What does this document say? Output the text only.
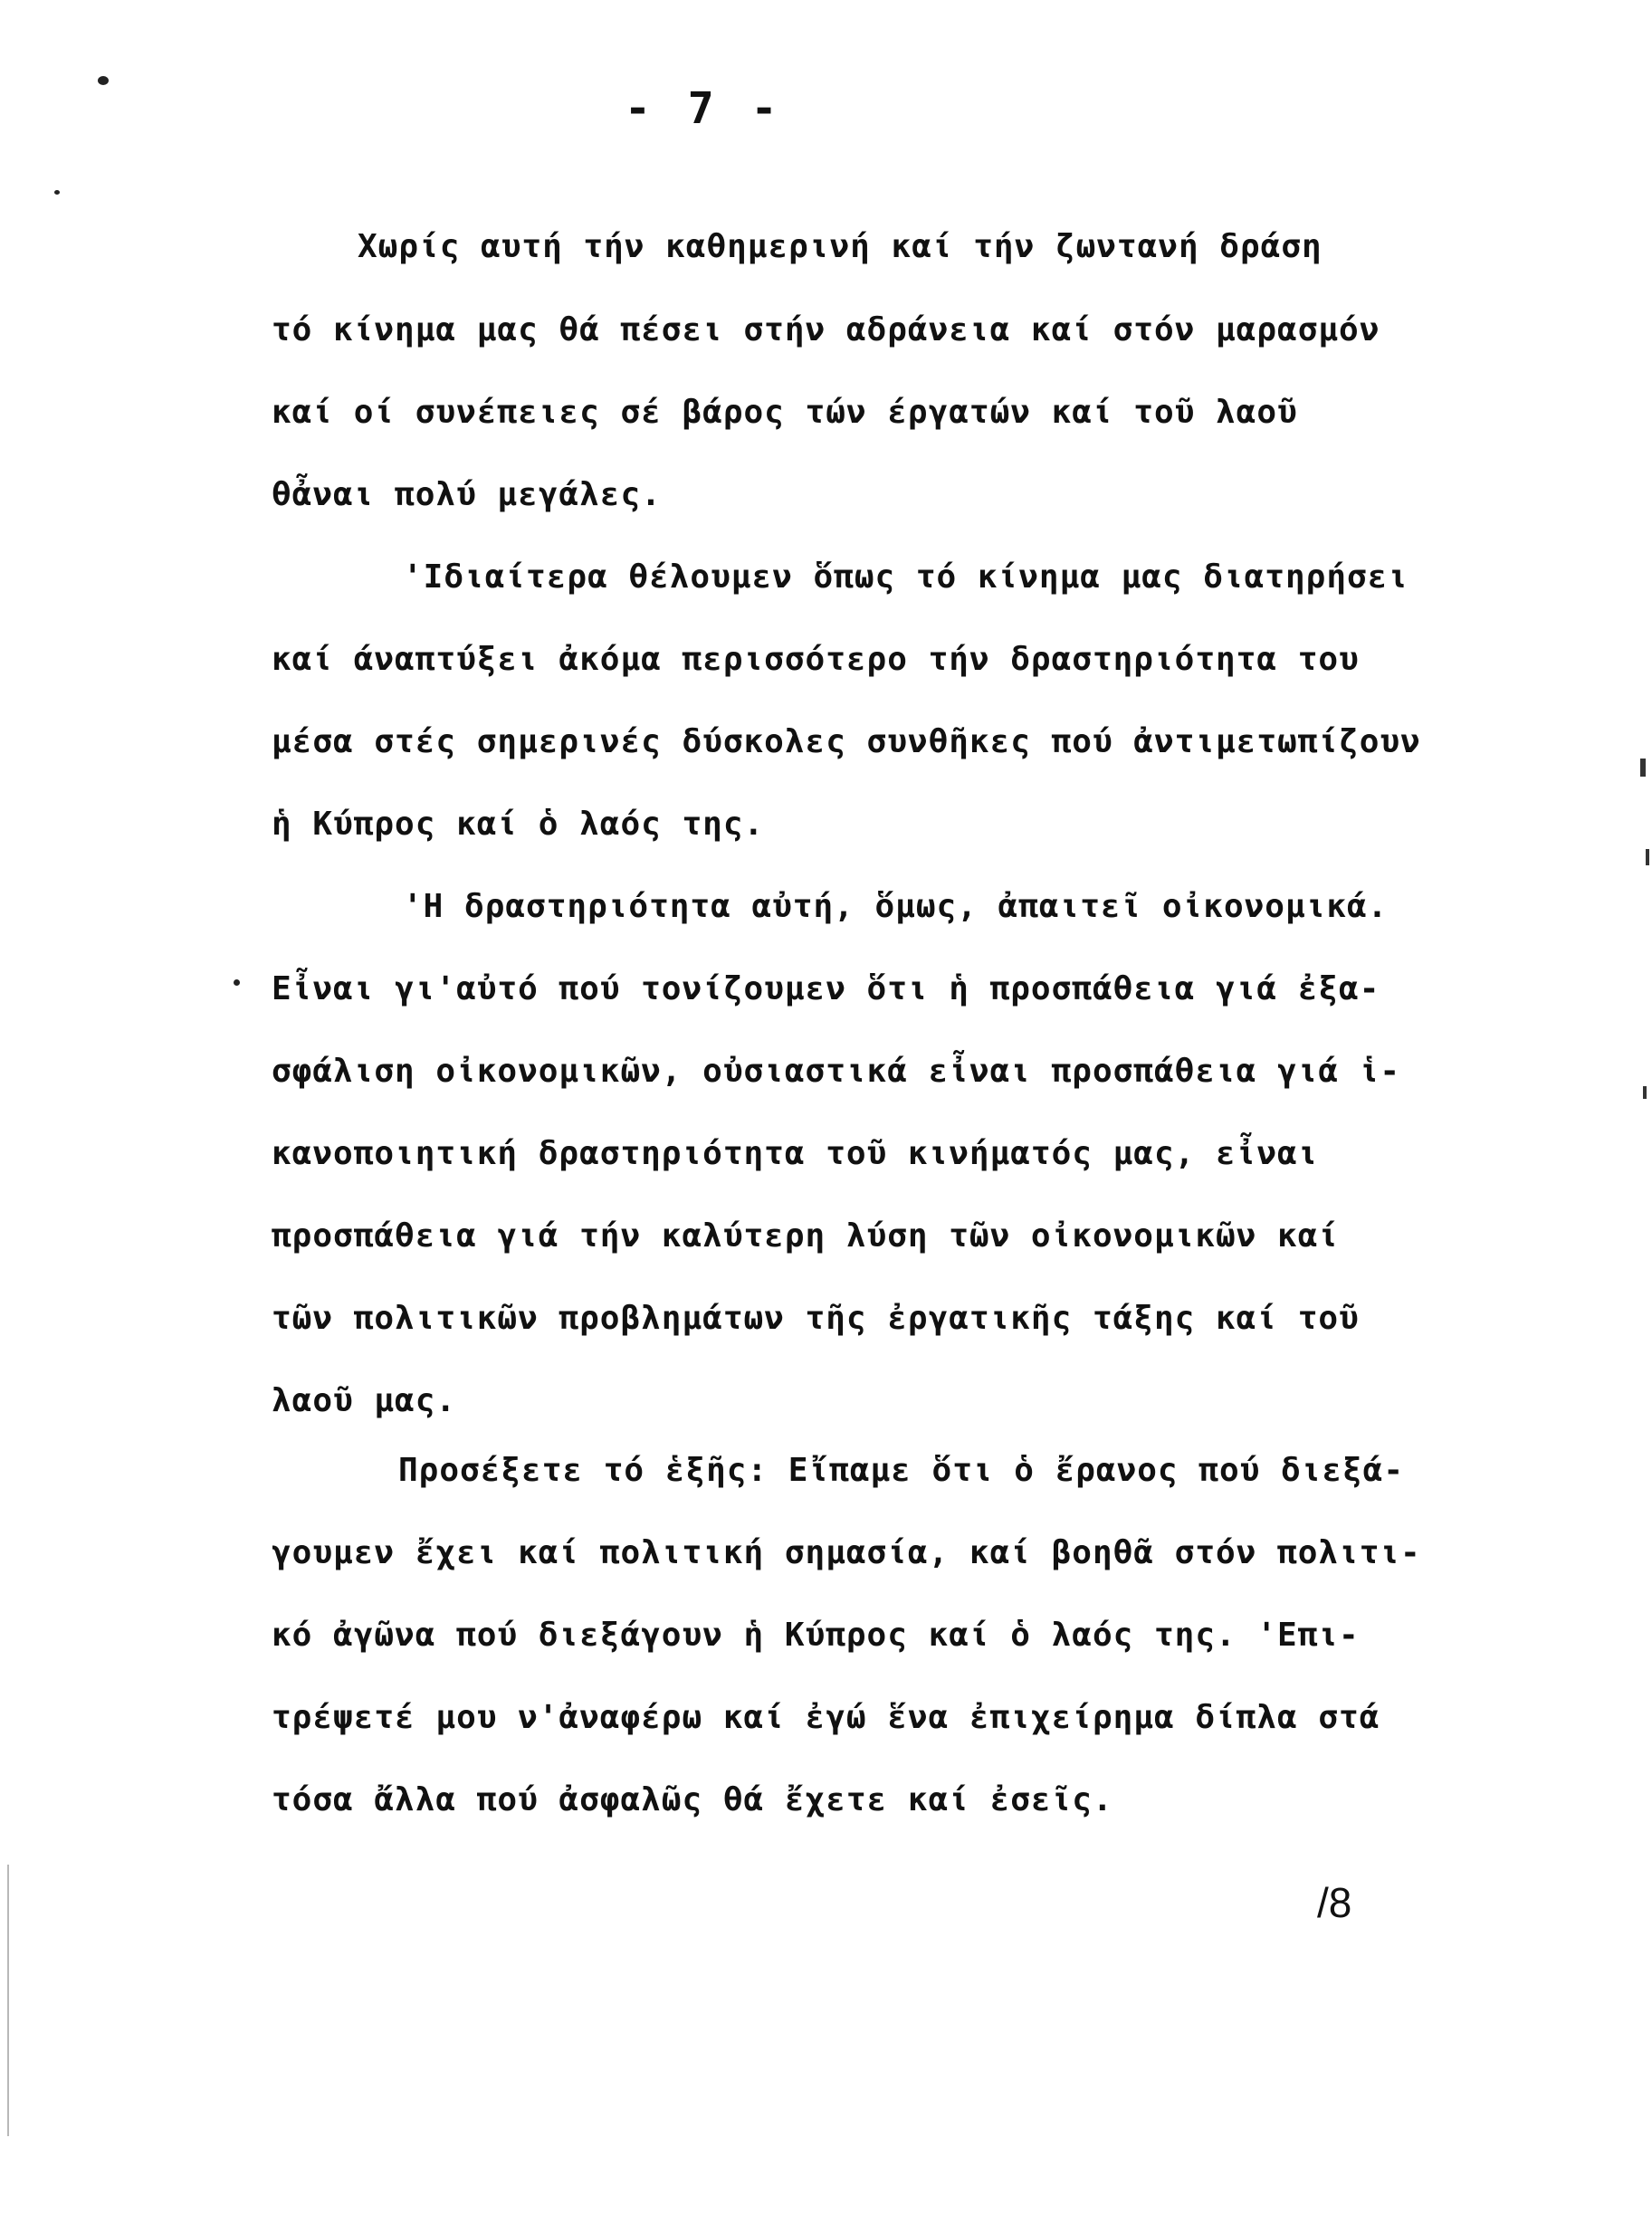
- 7 -
Χωρίς αυτή τήν καθημερινή καί τήν ζωντανή δράση
τό κίνημα μας θά πέσει στήν αδράνεια καί στόν μαρασμόν
καί οί συνέπειες σέ βάρος τών έργατών καί τοῦ λαοῦ
θἆναι πολύ μεγάλες.
'Ιδιαίτερα θέλουμεν ὅπως τό κίνημα μας διατηρήσει
καί άναπτύξει ἀκόμα περισσότερο τήν δραστηριότητα του
μέσα στές σημερινές δύσκολες συνθῆκες πού ἀντιμετωπίζουν
ἡ Κύπρος καί ὁ λαός της.
'Η δραστηριότητα αὐτή, ὅμως, ἀπαιτεῖ οἰκονομικά.
Εἶναι γι'αὐτό πού τονίζουμεν ὅτι ἡ προσπάθεια γιά ἐξα-
σφάλιση οἰκονομικῶν, οὐσιαστικά εἶναι προσπάθεια γιά ἱ-
κανοποιητική δραστηριότητα τοῦ κινήματός μας, εἶναι
προσπάθεια γιά τήν καλύτερη λύση τῶν οἰκονομικῶν καί
τῶν πολιτικῶν προβλημάτων τῆς ἐργατικῆς τάξης καί τοῦ
λαοῦ μας.
Προσέξετε τό ἑξῆς: Εἴπαμε ὅτι ὁ ἔρανος πού διεξά-
γουμεν ἔχει καί πολιτική σημασία, καί βοηθᾶ στόν πολιτι-
κό ἀγῶνα πού διεξάγουν ἡ Κύπρος καί ὁ λαός της. 'Επι-
τρέψετέ μου ν'ἀναφέρω καί ἐγώ ἕνα ἐπιχείρημα δίπλα στά
τόσα ἄλλα πού ἀσφαλῶς θά ἔχετε καί ἐσεῖς.
/8
